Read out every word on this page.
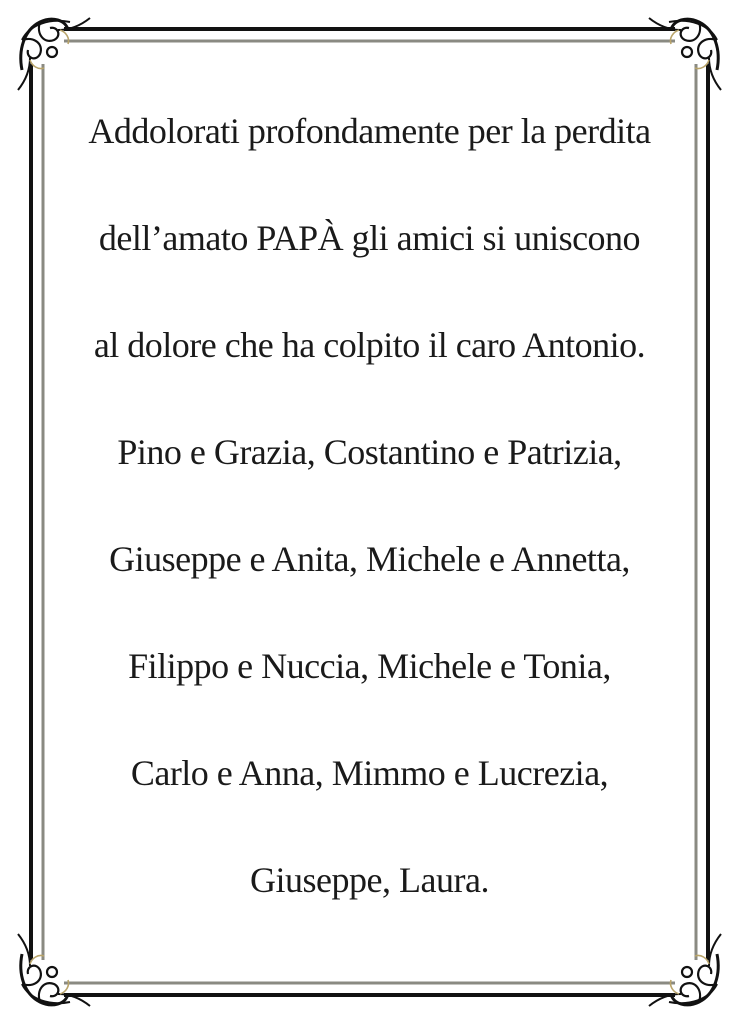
Addolorati profondamente per la perdita
dell’amato PAPÀ gli amici si uniscono
al dolore che ha colpito il caro Antonio.
Pino e Grazia, Costantino e Patrizia,
Giuseppe e Anita, Michele e Annetta,
Filippo e Nuccia, Michele e Tonia,
Carlo e Anna, Mimmo e Lucrezia,
Giuseppe, Laura.
